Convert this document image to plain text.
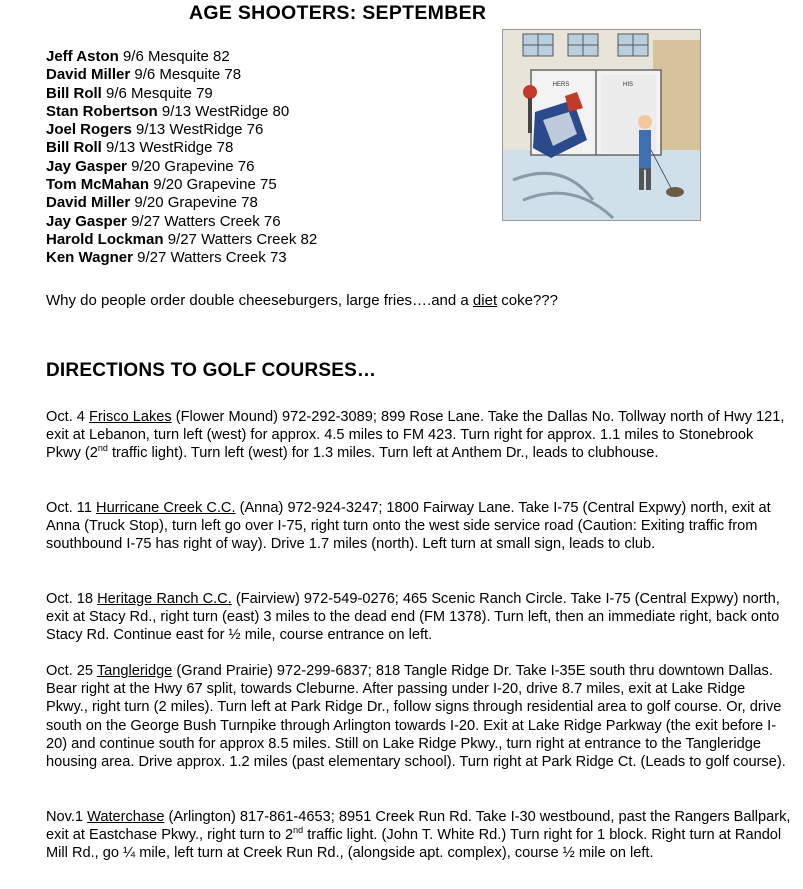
AGE SHOOTERS: SEPTEMBER
Jeff Aston 9/6 Mesquite 82
David Miller 9/6 Mesquite 78
Bill Roll 9/6 Mesquite 79
Stan Robertson 9/13 WestRidge 80
Joel Rogers 9/13 WestRidge 76
Bill Roll 9/13 WestRidge 78
Jay Gasper 9/20 Grapevine 76
Tom McMahan 9/20 Grapevine 75
David Miller 9/20 Grapevine 78
Jay Gasper 9/27 Watters Creek 76
Harold Lockman 9/27 Watters Creek 82
Ken Wagner 9/27 Watters Creek 73
HERS	HIS
Why do people order double cheeseburgers, large fries….and a diet coke???
DIRECTIONS TO GOLF COURSES…

Oct. 4 Frisco Lakes (Flower Mound) 972-292-3089; 899 Rose Lane. Take the Dallas No. Tollway north of Hwy 121, exit at Lebanon, turn left (west) for approx. 4.5 miles to FM 423. Turn right for approx. 1.1 miles to Stonebrook Pkwy (2nd traffic light). Turn left (west) for 1.3 miles. Turn left at Anthem Dr., leads to clubhouse.

Oct. 11 Hurricane Creek C.C. (Anna) 972-924-3247; 1800 Fairway Lane. Take I-75 (Central Expwy) north, exit at Anna (Truck Stop), turn left go over I-75, right turn onto the west side service road (Caution: Exiting traffic from southbound I-75 has right of way). Drive 1.7 miles (north). Left turn at small sign, leads to club.

Oct. 18 Heritage Ranch C.C. (Fairview) 972-549-0276; 465 Scenic Ranch Circle. Take I-75 (Central Expwy) north, exit at Stacy Rd., right turn (east) 3 miles to the dead end (FM 1378). Turn left, then an immediate right, back onto Stacy Rd. Continue east for ½ mile, course entrance on left.

Oct. 25 Tangleridge (Grand Prairie) 972-299-6837; 818 Tangle Ridge Dr. Take I-35E south thru downtown Dallas. Bear right at the Hwy 67 split, towards Cleburne. After passing under I-20, drive 8.7 miles, exit at Lake Ridge Pkwy., right turn (2 miles). Turn left at Park Ridge Dr., follow signs through residential area to golf course. Or, drive south on the George Bush Turnpike through Arlington towards I-20. Exit at Lake Ridge Parkway (the exit before I-20) and continue south for approx 8.5 miles. Still on Lake Ridge Pkwy., turn right at entrance to the Tangleridge housing area. Drive approx. 1.2 miles (past elementary school). Turn right at Park Ridge Ct. (Leads to golf course).

Nov.1 Waterchase (Arlington) 817-861-4653; 8951 Creek Run Rd. Take I-30 westbound, past the Rangers Ballpark, exit at Eastchase Pkwy., right turn to 2nd traffic light. (John T. White Rd.) Turn right for 1 block. Right turn at Randol Mill Rd., go ¼ mile, left turn at Creek Run Rd., (alongside apt. complex), course ½ mile on left.
